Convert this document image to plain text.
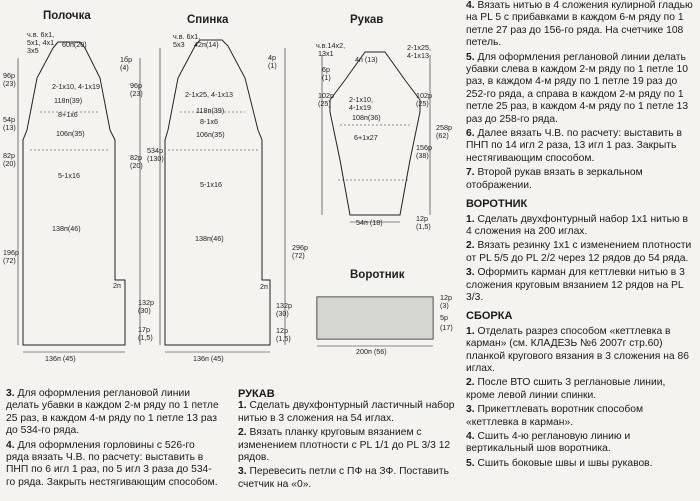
Полочка	Спинка	Рукав
Воротник
ч.в. 6х1,
5х1, 4х1
3х5
60п(20)
1бр
(4)
96р
(23)	96р
(23)
2-1х10, 4-1х19
118п(39)
54р
(13)
8+1х6
106п(35)
82р
(20)
82р
(20)
5-1х16
138п(46)
196р
(72)
2п
132р
(30)
17р
(1,5)
136п (45)
ч.в. 6х1,
5х3 42п(14)
4р
(1)
2-1х25, 4-1х13
118п(39)
8-1х6
106п(35)
534р
(130)
5-1х16
138п(46)
296р
(72)
2п
132р
(30)
12р
(1,5)
136п (45)
ч.в.14х2,
13х1
4п (13)
2-1х25,
4-1х13
6р
(1)
102р
(25)	2-1х10,
4-1х19
108п(36)
102р
(25)
258р
(62)
156р
(38)
6+1х27
54п (18)	12р
(1,5)
12р
(3)
5р
(17)
200п (56)

3. Для оформления реглановой линии делать убавки в каждом 2-м ряду по 1 петле 25 раз, в каждом 4-м ряду по 1 петле 13 раз до 534-го ряда.

4. Для оформления горловины с 526-го ряда вязать Ч.В. по расчету: выставить в ПНП по 6 игл 1 раз, по 5 игл 3 раза до 534-го ряда. Закрыть нестягивающим способом.

РУКАВ

1. Сделать двухфонтурный ластичный набор нитью в 3 сложения на 54 иглах.

2. Вязать планку круговым вязанием с изменением плотности с PL 1/1 до PL 3/3 12 рядов.

3. Перевесить петли с ПФ на ЗФ. Поставить счетчик на «0».

4. Вязать нитью в 4 сложения кулирной гладью на PL 5 с прибавками в каждом 6-м ряду по 1 петле 27 раз до 156-го ряда. На счетчике 108 петель.

5. Для оформления реглановой линии делать убавки слева в каждом 2-м ряду по 1 петле 10 раз, в каждом 4-м ряду по 1 петле 19 раз до 252-го ряда, а справа в каждом 2-м ряду по 1 петле 25 раз, в каждом 4-м ряду по 1 петле 13 раз до 258-го ряда.

6. Далее вязать Ч.В. по расчету: выставить в ПНП по 14 игл 2 раза, 13 игл 1 раз. Закрыть нестягивающим способом.

7. Второй рукав вязать в зеркальном отображении.

ВОРОТНИК

1. Сделать двухфонтурный набор 1х1 нитью в 4 сложения на 200 иглах.

2. Вязать резинку 1х1 с изменением плотности от PL 5/5 до PL 2/2 через 12 рядов до 54 ряда.

3. Оформить карман для кеттлевки нитью в 3 сложения круговым вязанием 12 рядов на PL 3/3.

СБОРКА

1. Отделать разрез способом «кеттлевка в карман» (см. КЛАДЕЗЬ №6 2007г стр.60) планкой кругового вязания в 3 сложения на 86 иглах.

2. После ВТО сшить 3 реглановые линии, кроме левой линии спинки.

3. Прикеттлевать воротник способом «кеттлевка в карман».

4. Сшить 4-ю реглановую линию и вертикальный шов воротника.

5. Сшить боковые швы и швы рукавов.
